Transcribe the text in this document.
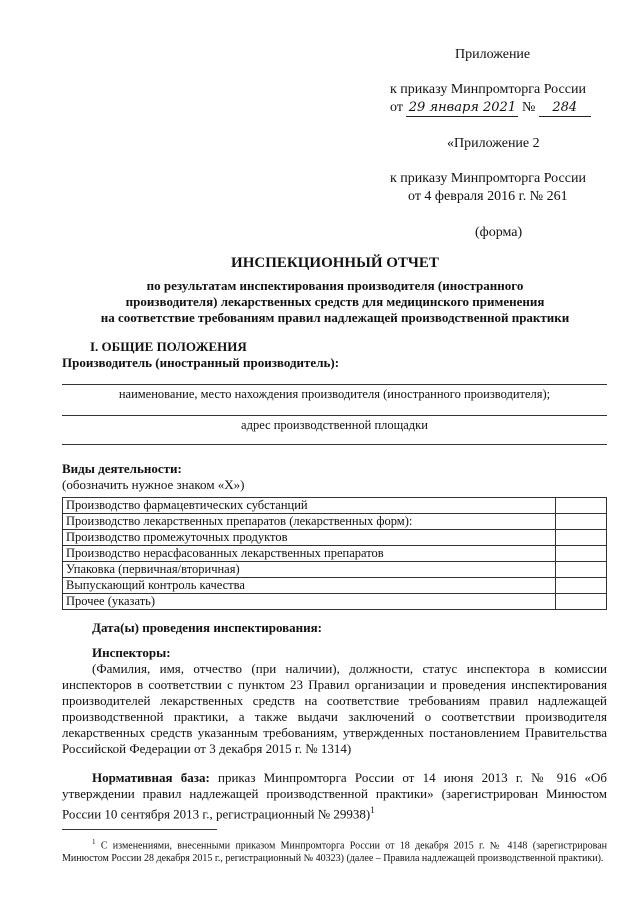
Приложение
к приказу Минпромторга России
от 29 января 2021 № 284
«Приложение 2
к приказу Минпромторга России
от 4 февраля 2016 г. № 261
(форма)
ИНСПЕКЦИОННЫЙ ОТЧЕТ
по результатам инспектирования производителя (иностранного
производителя) лекарственных средств для медицинского применения
на соответствие требованиям правил надлежащей производственной практики
I. ОБЩИЕ ПОЛОЖЕНИЯ
Производитель (иностранный производитель):
наименование, место нахождения производителя (иностранного производителя);
адрес производственной площадки
Виды деятельности:
(обозначить нужное знаком «X»)
Производство фармацевтических субстанций	
Производство лекарственных препаратов (лекарственных форм):	
Производство промежуточных продуктов	
Производство нерасфасованных лекарственных препаратов	
Упаковка (первичная/вторичная)	
Выпускающий контроль качества	
Прочее (указать)	
Дата(ы) проведения инспектирования:
Инспекторы:
(Фамилия, имя, отчество (при наличии), должности, статус инспектора в комиссии инспекторов в соответствии с пунктом 23 Правил организации и проведения инспектирования производителей лекарственных средств на соответствие требованиям правил надлежащей производственной практики, а также выдачи заключений о соответствии производителя лекарственных средств указанным требованиям, утвержденных постановлением Правительства Российской Федерации от 3 декабря 2015 г. № 1314)
Нормативная база: приказ Минпромторга России от 14 июня 2013 г. № 916 «Об утверждении правил надлежащей производственной практики» (зарегистрирован Минюстом России 10 сентября 2013 г., регистрационный № 29938)$^1$
$^1$ С изменениями, внесенными приказом Минпромторга России от 18 декабря 2015 г. № 4148 (зарегистрирован Минюстом России 28 декабря 2015 г., регистрационный № 40323) (далее – Правила надлежащей производственной практики).
